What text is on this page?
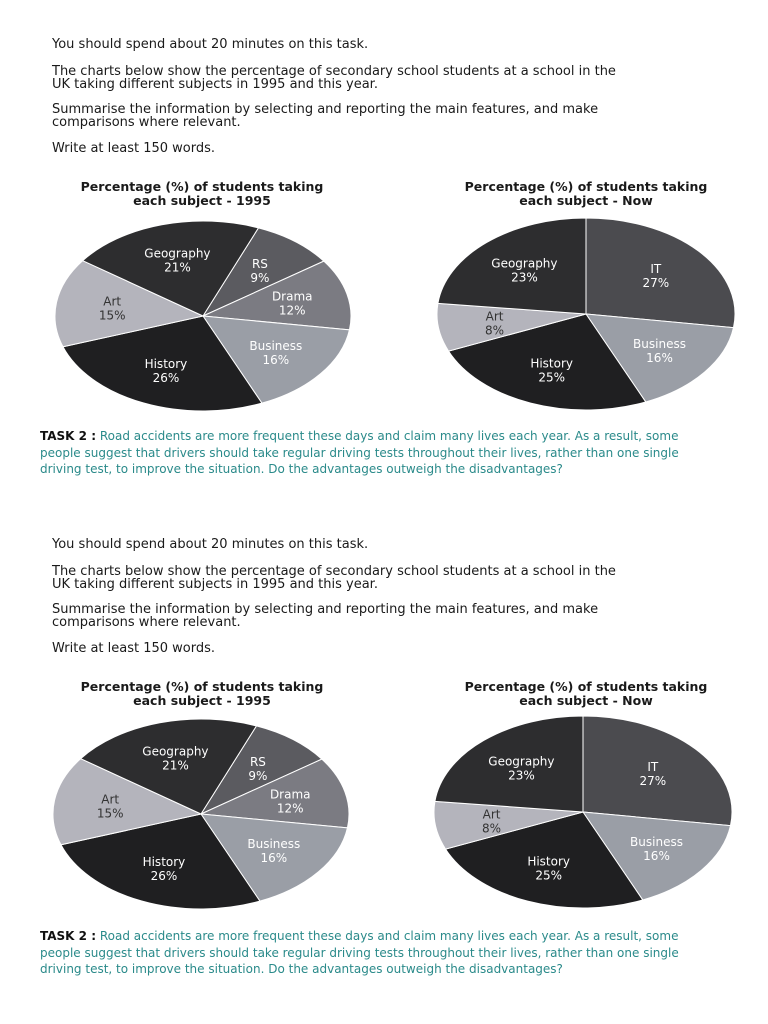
You should spend about 20 minutes on this task.
The charts below show the percentage of secondary school students at a school in the
UK taking different subjects in 1995 and this year.
Summarise the information by selecting and reporting the main features, and make
comparisons where relevant.
Write at least 150 words.
Percentage (%) of students taking
each subject - 1995
Percentage (%) of students taking
each subject - Now
RS
9%
Drama
12%
Business
16%
History
26%
Art
15%
Geography
21%	IT
27%
Business
16%
History
25%
Art
8%
Geography
23%
TASK 2 : Road accidents are more frequent these days and claim many lives each year. As a result, some
people suggest that drivers should take regular driving tests throughout their lives, rather than one single
driving test, to improve the situation. Do the advantages outweigh the disadvantages?
You should spend about 20 minutes on this task.
The charts below show the percentage of secondary school students at a school in the
UK taking different subjects in 1995 and this year.
Summarise the information by selecting and reporting the main features, and make
comparisons where relevant.
Write at least 150 words.
Percentage (%) of students taking
each subject - 1995
Percentage (%) of students taking
each subject - Now
RS
9%
Drama
12%
Business
16%
History
26%
Art
15%
Geography
21%	IT
27%
Business
16%
History
25%
Art
8%
Geography
23%
TASK 2 : Road accidents are more frequent these days and claim many lives each year. As a result, some
people suggest that drivers should take regular driving tests throughout their lives, rather than one single
driving test, to improve the situation. Do the advantages outweigh the disadvantages?
